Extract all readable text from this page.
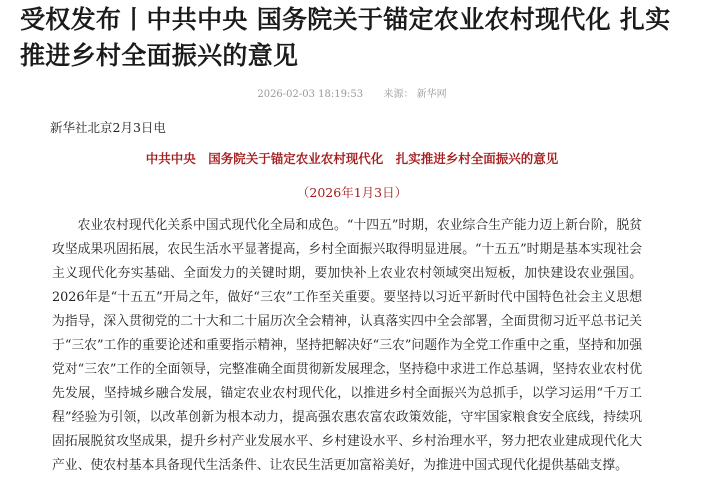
受权发布丨中共中央 国务院关于锚定农业农村现代化 扎实推进乡村全面振兴的意见
2026-02-03 18:19:53 来源： 新华网
新华社北京2月3日电
中共中央　国务院关于锚定农业农村现代化　扎实推进乡村全面振兴的意见
（2026年1月3日）

农业农村现代化关系中国式现代化全局和成色。“十四五”时期，农业综合生产能力迈上新台阶，脱贫攻坚成果巩固拓展，农民生活水平显著提高，乡村全面振兴取得明显进展。“十五五”时期是基本实现社会主义现代化夯实基础、全面发力的关键时期，要加快补上农业农村领域突出短板，加快建设农业强国。2026年是“十五五”开局之年，做好“三农”工作至关重要。要坚持以习近平新时代中国特色社会主义思想为指导，深入贯彻党的二十大和二十届历次全会精神，认真落实四中全会部署，全面贯彻习近平总书记关于“三农”工作的重要论述和重要指示精神，坚持把解决好“三农”问题作为全党工作重中之重，坚持和加强党对“三农”工作的全面领导，完整准确全面贯彻新发展理念，坚持稳中求进工作总基调，坚持农业农村优先发展，坚持城乡融合发展，锚定农业农村现代化，以推进乡村全面振兴为总抓手，以学习运用“千万工程”经验为引领，以改革创新为根本动力，提高强农惠农富农政策效能，守牢国家粮食安全底线，持续巩固拓展脱贫攻坚成果，提升乡村产业发展水平、乡村建设水平、乡村治理水平，努力把农业建成现代化大产业、使农村基本具备现代生活条件、让农民生活更加富裕美好，为推进中国式现代化提供基础支撑。
